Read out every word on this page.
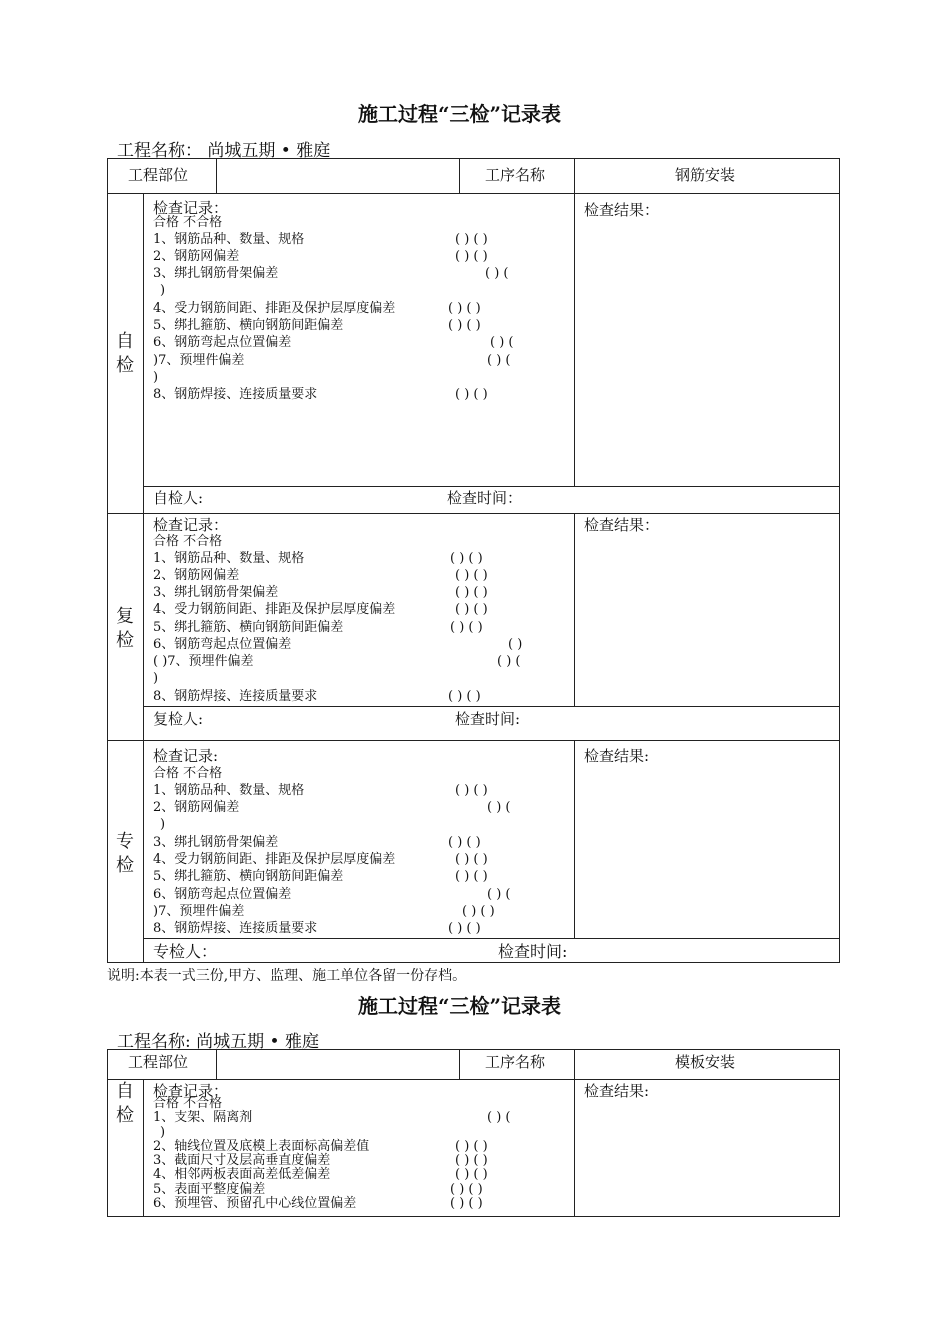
施工过程“三检”记录表
工程名称： 尚城五期 • 雅庭
工程部位	工序名称	钢筋安装
自检
检查记录：	检查结果：
合格 不合格
1、钢筋品种、数量、规格	( ) ( )
2、钢筋网偏差	( ) ( )
3、绑扎钢筋骨架偏差	( ) (
)
4、受力钢筋间距、排距及保护层厚度偏差	( ) ( )
5、绑扎箍筋、横向钢筋间距偏差	( ) ( )
6、钢筋弯起点位置偏差	( ) (
)7、预埋件偏差	( ) (
)
8、钢筋焊接、连接质量要求	( ) ( )
自检人:	检查时间：
复检
检查记录：	检查结果：
合格 不合格
1、钢筋品种、数量、规格	( ) ( )
2、钢筋网偏差	( ) ( )
3、绑扎钢筋骨架偏差	( ) ( )
4、受力钢筋间距、排距及保护层厚度偏差	( ) ( )
5、绑扎箍筋、横向钢筋间距偏差	( ) ( )
6、钢筋弯起点位置偏差	( )
( )7、预埋件偏差	( ) (
)
8、钢筋焊接、连接质量要求	( ) ( )
复检人:	检查时间:
专检
检查记录:	检查结果:
合格 不合格
1、钢筋品种、数量、规格	( ) ( )
2、钢筋网偏差	( ) (
)
3、绑扎钢筋骨架偏差	( ) ( )
4、受力钢筋间距、排距及保护层厚度偏差	( ) ( )
5、绑扎箍筋、横向钢筋间距偏差	( ) ( )
6、钢筋弯起点位置偏差	( ) (
)7、预埋件偏差	( ) ( )
8、钢筋焊接、连接质量要求	( ) ( )
专检人：	检查时间:
说明:本表一式三份,甲方、监理、施工单位各留一份存档。
施工过程“三检”记录表
工程名称: 尚城五期 • 雅庭
工程部位	工序名称	模板安装
自检
检查记录：	检查结果:
合格 不合格
1、支架、隔离剂	( ) (
)
2、轴线位置及底模上表面标高偏差值	( ) ( )
3、截面尺寸及层高垂直度偏差	( ) ( )
4、相邻两板表面高差低差偏差	( ) ( )
5、表面平整度偏差	( ) ( )
6、预埋管、预留孔中心线位置偏差	( ) ( )
